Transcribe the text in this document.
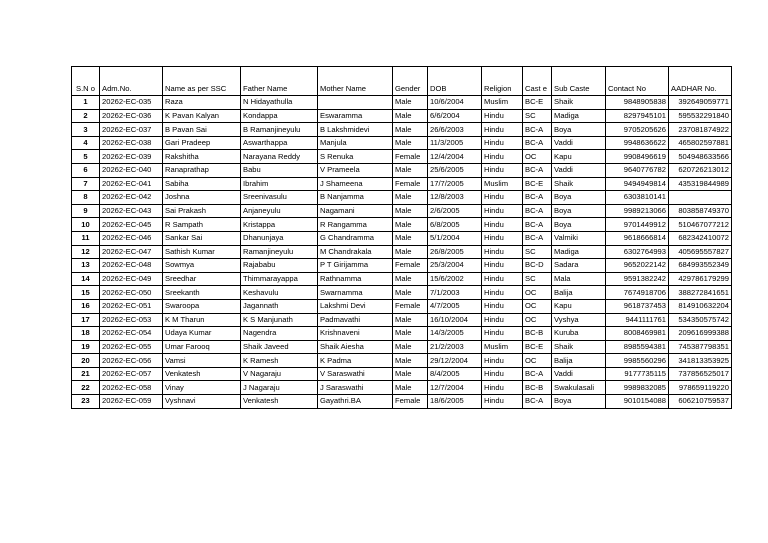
S.N o	Adm.No.	Name as per SSC	Father Name	Mother Name	Gender	DOB	Religion	Cast e	Sub Caste	Contact No	AADHAR No.
1	20262-EC-035	Raza	N Hidayathulla		Male	10/6/2004	Muslim	BC-E	Shaik	9848905838	392649059771
2	20262-EC-036	K Pavan Kalyan	Kondappa	Eswaramma	Male	6/6/2004	Hindu	SC	Madiga	8297945101	595532291840
3	20262-EC-037	B Pavan Sai	B Ramanjineyulu	B Lakshmidevi	Male	26/6/2003	Hindu	BC-A	Boya	9705205626	237081874922
4	20262-EC-038	Gari Pradeep	Aswarthappa	Manjula	Male	11/3/2005	Hindu	BC-A	Vaddi	9948636622	465802597881
5	20262-EC-039	Rakshitha	Narayana Reddy	S Renuka	Female	12/4/2004	Hindu	OC	Kapu	9908496619	504948633566
6	20262-EC-040	Ranaprathap	Babu	V Prameela	Male	25/6/2005	Hindu	BC-A	Vaddi	9640776782	620726213012
7	20262-EC-041	Sabiha	Ibrahim	J Shameena	Female	17/7/2005	Muslim	BC-E	Shaik	9494949814	435319844989
8	20262-EC-042	Joshna	Sreenivasulu	B Nanjamma	Male	12/8/2003	Hindu	BC-A	Boya	6303810141	
9	20262-EC-043	Sai Prakash	Anjaneyulu	Nagamani	Male	2/6/2005	Hindu	BC-A	Boya	9989213066	803858749370
10	20262-EC-045	R Sampath	Kristappa	R Rangamma	Male	6/8/2005	Hindu	BC-A	Boya	9701449912	510467077212
11	20262-EC-046	Sankar Sai	Dhanunjaya	G Chandramma	Male	5/1/2004	Hindu	BC-A	Valmiki	9618666814	682342410072
12	20262-EC-047	Sathish Kumar	Ramanjineyulu	M Chandrakala	Male	26/8/2005	Hindu	SC	Madiga	6302764993	405695557827
13	20262-EC-048	Sowmya	Rajababu	P T Girijamma	Female	25/3/2004	Hindu	BC-D	Sadara	9652022142	684993552349
14	20262-EC-049	Sreedhar	Thimmarayappa	Rathnamma	Male	15/6/2002	Hindu	SC	Mala	9591382242	429786179299
15	20262-EC-050	Sreekanth	Keshavulu	Swarnamma	Male	7/1/2003	Hindu	OC	Balija	7674918706	388272841651
16	20262-EC-051	Swaroopa	Jagannath	Lakshmi Devi	Female	4/7/2005	Hindu	OC	Kapu	9618737453	814910632204
17	20262-EC-053	K M Tharun	K S Manjunath	Padmavathi	Male	16/10/2004	Hindu	OC	Vyshya	9441111761	534350575742
18	20262-EC-054	Udaya Kumar	Nagendra	Krishnaveni	Male	14/3/2005	Hindu	BC-B	Kuruba	8008469981	209616999388
19	20262-EC-055	Umar Farooq	Shaik Javeed	Shaik Aiesha	Male	21/2/2003	Muslim	BC-E	Shaik	8985594381	745387798351
20	20262-EC-056	Vamsi	K Ramesh	K Padma	Male	29/12/2004	Hindu	OC	Balija	9985560296	341813353925
21	20262-EC-057	Venkatesh	V Nagaraju	V Saraswathi	Male	8/4/2005	Hindu	BC-A	Vaddi	9177735115	737856525017
22	20262-EC-058	Vinay	J Nagaraju	J Saraswathi	Male	12/7/2004	Hindu	BC-B	Swakulasali	9989832085	978659119220
23	20262-EC-059	Vyshnavi	Venkatesh	Gayathri.BA	Female	18/6/2005	Hindu	BC-A	Boya	9010154088	606210759537
